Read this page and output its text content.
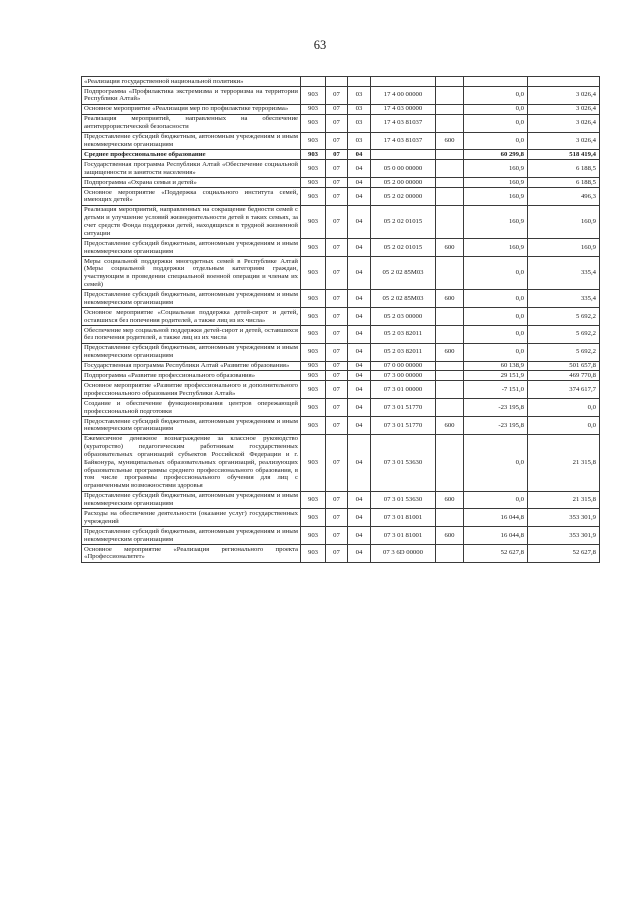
63
«Реализация государственной национальной политики»							
Подпрограмма «Профилактика экстремизма и терроризма на территории Республики Алтай»	903	07	03	17 4 00 00000		0,0	3 026,4
Основное мероприятие «Реализация мер по профилактике терроризма»	903	07	03	17 4 03 00000		0,0	3 026,4
Реализация мероприятий, направленных на обеспечение антитеррористической безопасности	903	07	03	17 4 03 81037		0,0	3 026,4
Предоставление субсидий бюджетным, автономным учреждениям и иным некоммерческим организациям	903	07	03	17 4 03 81037	600	0,0	3 026,4
Среднее профессиональное образование	903	07	04			60 299,8	518 419,4
Государственная программа Республики Алтай «Обеспечение социальной защищенности и занятости населения»	903	07	04	05 0 00 00000		160,9	6 188,5
Подпрограмма «Охрана семьи и детей»	903	07	04	05 2 00 00000		160,9	6 188,5
Основное мероприятие «Поддержка социального института семей, имеющих детей»	903	07	04	05 2 02 00000		160,9	496,3
Реализация мероприятий, направленных на сокращение бедности семей с детьми и улучшение условий жизнедеятельности детей в таких семьях, за счет средств Фонда поддержки детей, находящихся в трудной жизненной ситуации	903	07	04	05 2 02 01015		160,9	160,9
Предоставление субсидий бюджетным, автономным учреждениям и иным некоммерческим организациям	903	07	04	05 2 02 01015	600	160,9	160,9
Меры социальной поддержки многодетных семей в Республике Алтай (Меры социальной поддержки отдельным категориям граждан, участвующим в проведении специальной военной операции и членам их семей)	903	07	04	05 2 02 85M03		0,0	335,4
Предоставление субсидий бюджетным, автономным учреждениям и иным некоммерческим организациям	903	07	04	05 2 02 85M03	600	0,0	335,4
Основное мероприятие «Социальная поддержка детей-сирот и детей, оставшихся без попечения родителей, а также лиц из их числа»	903	07	04	05 2 03 00000		0,0	5 692,2
Обеспечение мер социальной поддержки детей-сирот и детей, оставшихся без попечения родителей, а также лиц из их числа	903	07	04	05 2 03 82011		0,0	5 692,2
Предоставление субсидий бюджетным, автономным учреждениям и иным некоммерческим организациям	903	07	04	05 2 03 82011	600	0,0	5 692,2
Государственная программа Республики Алтай «Развитие образования»	903	07	04	07 0 00 00000		60 138,9	501 657,8
Подпрограмма «Развитие профессионального образования»	903	07	04	07 3 00 00000		29 151,9	469 770,8
Основное мероприятие «Развитие профессионального и дополнительного профессионального образования Республики Алтай»	903	07	04	07 3 01 00000		-7 151,0	374 617,7
Создание и обеспечение функционирования центров опережающей профессиональной подготовки	903	07	04	07 3 01 51770		-23 195,8	0,0
Предоставление субсидий бюджетным, автономным учреждениям и иным некоммерческим организациям	903	07	04	07 3 01 51770	600	-23 195,8	0,0
Ежемесячное денежное вознаграждение за классное руководство (кураторство) педагогическим работникам государственных образовательных организаций субъектов Российской Федерации и г. Байконура, муниципальных образовательных организаций, реализующих образовательные программы среднего профессионального образования, в том числе программы профессионального обучения для лиц с ограниченными возможностями здоровья	903	07	04	07 3 01 53630		0,0	21 315,8
Предоставление субсидий бюджетным, автономным учреждениям и иным некоммерческим организациям	903	07	04	07 3 01 53630	600	0,0	21 315,8
Расходы на обеспечение деятельности (оказание услуг) государственных учреждений	903	07	04	07 3 01 81001		16 044,8	353 301,9
Предоставление субсидий бюджетным, автономным учреждениям и иным некоммерческим организациям	903	07	04	07 3 01 81001	600	16 044,8	353 301,9
Основное мероприятие «Реализация регионального проекта «Профессионалитет»	903	07	04	07 3 6D 00000		52 627,8	52 627,8
